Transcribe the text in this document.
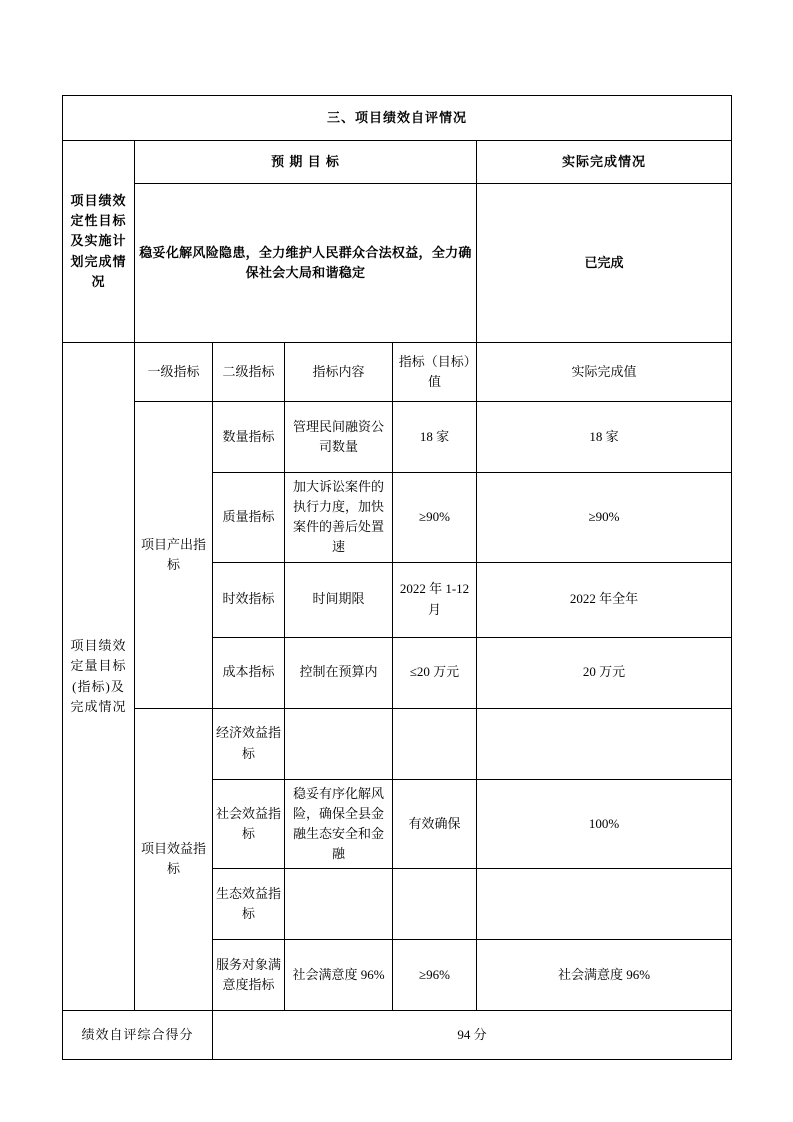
三、项目绩效自评情况					
项目绩效定性目标及实施计划完成情况	预 期 目 标				实际完成情况
	稳妥化解风险隐患，全力维护人民群众合法权益，全力确保社会大局和谐稳定				已完成
项目绩效定量目标(指标)及完成情况	一级指标	二级指标	指标内容	指标（目标）值	实际完成值
	项目产出指标	数量指标	管理民间融资公司数量	18 家	18 家
		质量指标	加大诉讼案件的执行力度，加快案件的善后处置速	≥90%	≥90%
		时效指标	时间期限	2022 年 1-12 月	2022 年全年
		成本指标	控制在预算内	≤20 万元	20 万元
	项目效益指标	经济效益指标			
		社会效益指标	稳妥有序化解风险，确保全县金融生态安全和金融	有效确保	100%
		生态效益指标			
		服务对象满意度指标	社会满意度 96%	≥96%	社会满意度 96%
绩效自评综合得分		94 分			
